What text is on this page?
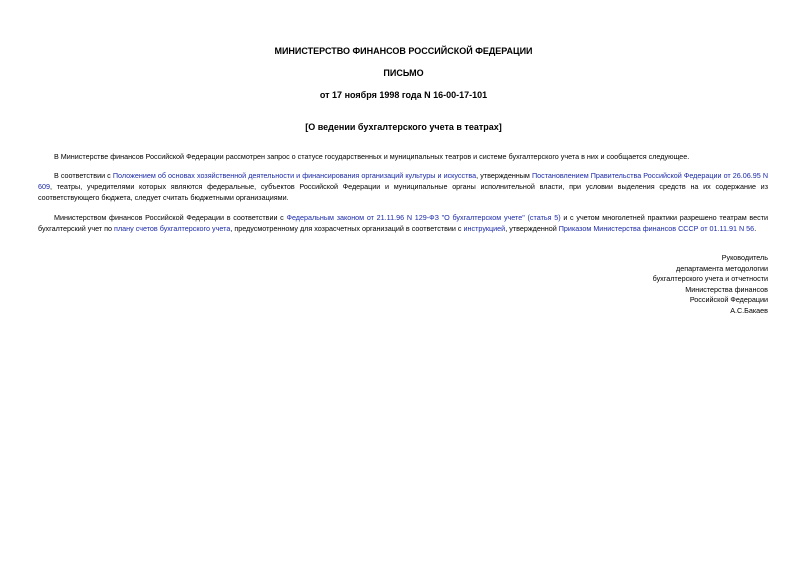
МИНИСТЕРСТВО ФИНАНСОВ РОССИЙСКОЙ ФЕДЕРАЦИИ
ПИСЬМО
от 17 ноября 1998 года N 16-00-17-101
[О ведении бухгалтерского учета в театрах]
В Министерстве финансов Российской Федерации рассмотрен запрос о статусе государственных и муниципальных театров и системе бухгалтерского учета в них и сообщается следующее.
В соответствии с Положением об основах хозяйственной деятельности и финансирования организаций культуры и искусства, утвержденным Постановлением Правительства Российской Федерации от 26.06.95 N 609, театры, учредителями которых являются федеральные, субъектов Российской Федерации и муниципальные органы исполнительной власти, при условии выделения средств на их содержание из соответствующего бюджета, следует считать бюджетными организациями.
Министерством финансов Российской Федерации в соответствии с Федеральным законом от 21.11.96 N 129-ФЗ "О бухгалтерском учете" (статья 5) и с учетом многолетней практики разрешено театрам вести бухгалтерский учет по плану счетов бухгалтерского учета, предусмотренному для хозрасчетных организаций в соответствии с инструкцией, утвержденной Приказом Министерства финансов СССР от 01.11.91 N 56.
Руководитель
департамента методологии
бухгалтерского учета и отчетности
Министерства финансов
Российской Федерации
А.С.Бакаев
